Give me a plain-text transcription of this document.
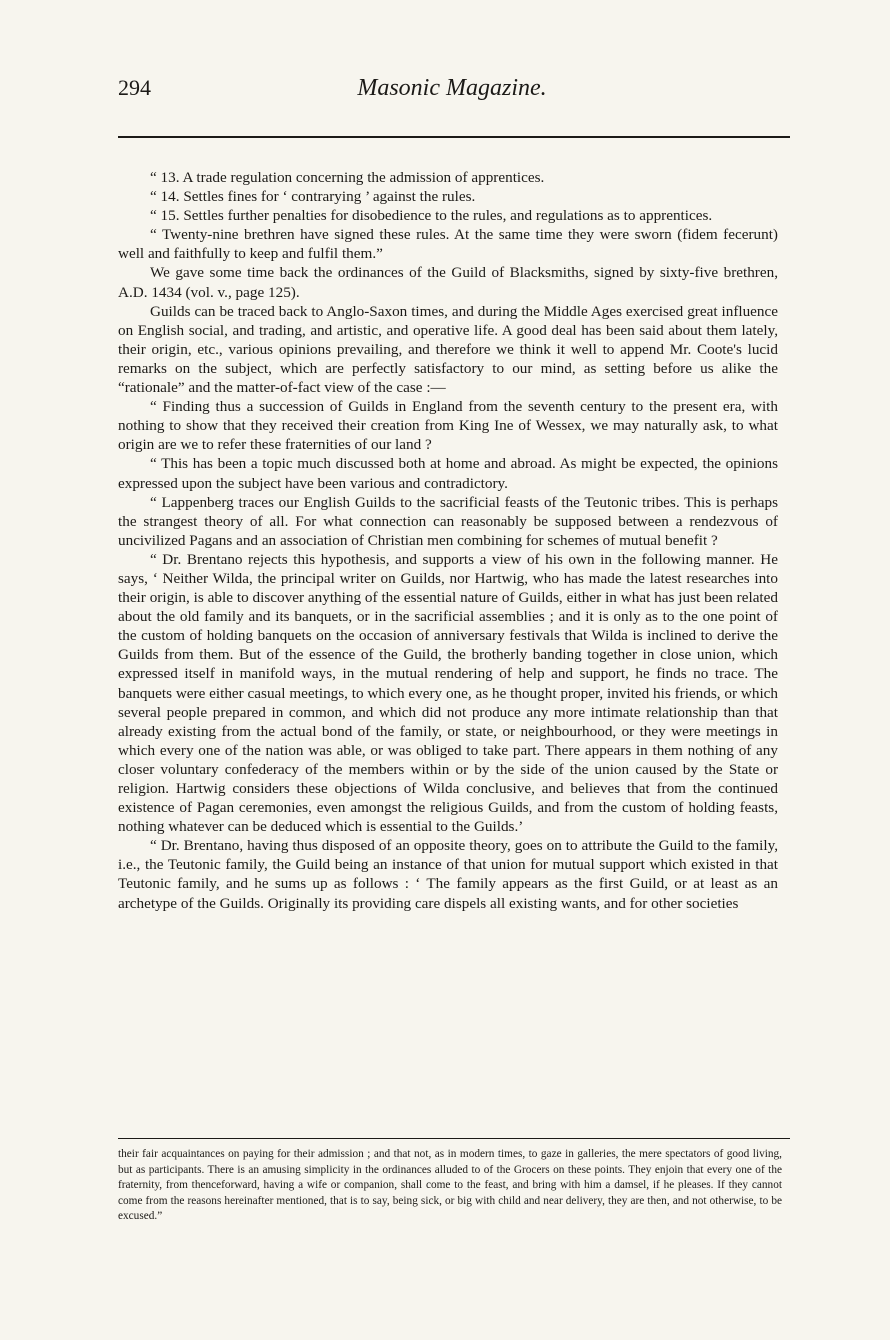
294	Masonic Magazine.

“ 13. A trade regulation concerning the admission of apprentices.

“ 14. Settles fines for ‘ contrarying ’ against the rules.

“ 15. Settles further penalties for disobedience to the rules, and regulations as to apprentices.

“ Twenty-nine brethren have signed these rules. At the same time they were sworn (fidem fecerunt) well and faithfully to keep and fulfil them.”

We gave some time back the ordinances of the Guild of Blacksmiths, signed by sixty-five brethren, A.D. 1434 (vol. v., page 125).

Guilds can be traced back to Anglo-Saxon times, and during the Middle Ages exercised great influence on English social, and trading, and artistic, and operative life. A good deal has been said about them lately, their origin, etc., various opinions prevailing, and therefore we think it well to append Mr. Coote's lucid remarks on the subject, which are perfectly satisfactory to our mind, as setting before us alike the “rationale” and the matter-of-fact view of the case :—

“ Finding thus a succession of Guilds in England from the seventh century to the present era, with nothing to show that they received their creation from King Ine of Wessex, we may naturally ask, to what origin are we to refer these fraternities of our land ?

“ This has been a topic much discussed both at home and abroad. As might be expected, the opinions expressed upon the subject have been various and contradictory.

“ Lappenberg traces our English Guilds to the sacrificial feasts of the Teutonic tribes. This is perhaps the strangest theory of all. For what connection can reasonably be supposed between a rendezvous of uncivilized Pagans and an association of Christian men combining for schemes of mutual benefit ?

“ Dr. Brentano rejects this hypothesis, and supports a view of his own in the following manner. He says, ‘ Neither Wilda, the principal writer on Guilds, nor Hartwig, who has made the latest researches into their origin, is able to discover anything of the essential nature of Guilds, either in what has just been related about the old family and its banquets, or in the sacrificial assemblies ; and it is only as to the one point of the custom of holding banquets on the occasion of anniversary festivals that Wilda is inclined to derive the Guilds from them. But of the essence of the Guild, the brotherly banding together in close union, which expressed itself in manifold ways, in the mutual rendering of help and support, he finds no trace. The banquets were either casual meetings, to which every one, as he thought proper, invited his friends, or which several people prepared in common, and which did not produce any more intimate relationship than that already existing from the actual bond of the family, or state, or neighbourhood, or they were meetings in which every one of the nation was able, or was obliged to take part. There appears in them nothing of any closer voluntary confederacy of the members within or by the side of the union caused by the State or religion. Hartwig considers these objections of Wilda conclusive, and believes that from the continued existence of Pagan ceremonies, even amongst the religious Guilds, and from the custom of holding feasts, nothing whatever can be deduced which is essential to the Guilds.’

“ Dr. Brentano, having thus disposed of an opposite theory, goes on to attribute the Guild to the family, i.e., the Teutonic family, the Guild being an instance of that union for mutual support which existed in that Teutonic family, and he sums up as follows : ‘ The family appears as the first Guild, or at least as an archetype of the Guilds. Originally its providing care dispels all existing wants, and for other societies

their fair acquaintances on paying for their admission ; and that not, as in modern times, to gaze in galleries, the mere spectators of good living, but as participants. There is an amusing simplicity in the ordinances alluded to of the Grocers on these points. They enjoin that every one of the fraternity, from thenceforward, having a wife or companion, shall come to the feast, and bring with him a damsel, if he pleases. If they cannot come from the reasons hereinafter mentioned, that is to say, being sick, or big with child and near delivery, they are then, and not otherwise, to be excused.”
